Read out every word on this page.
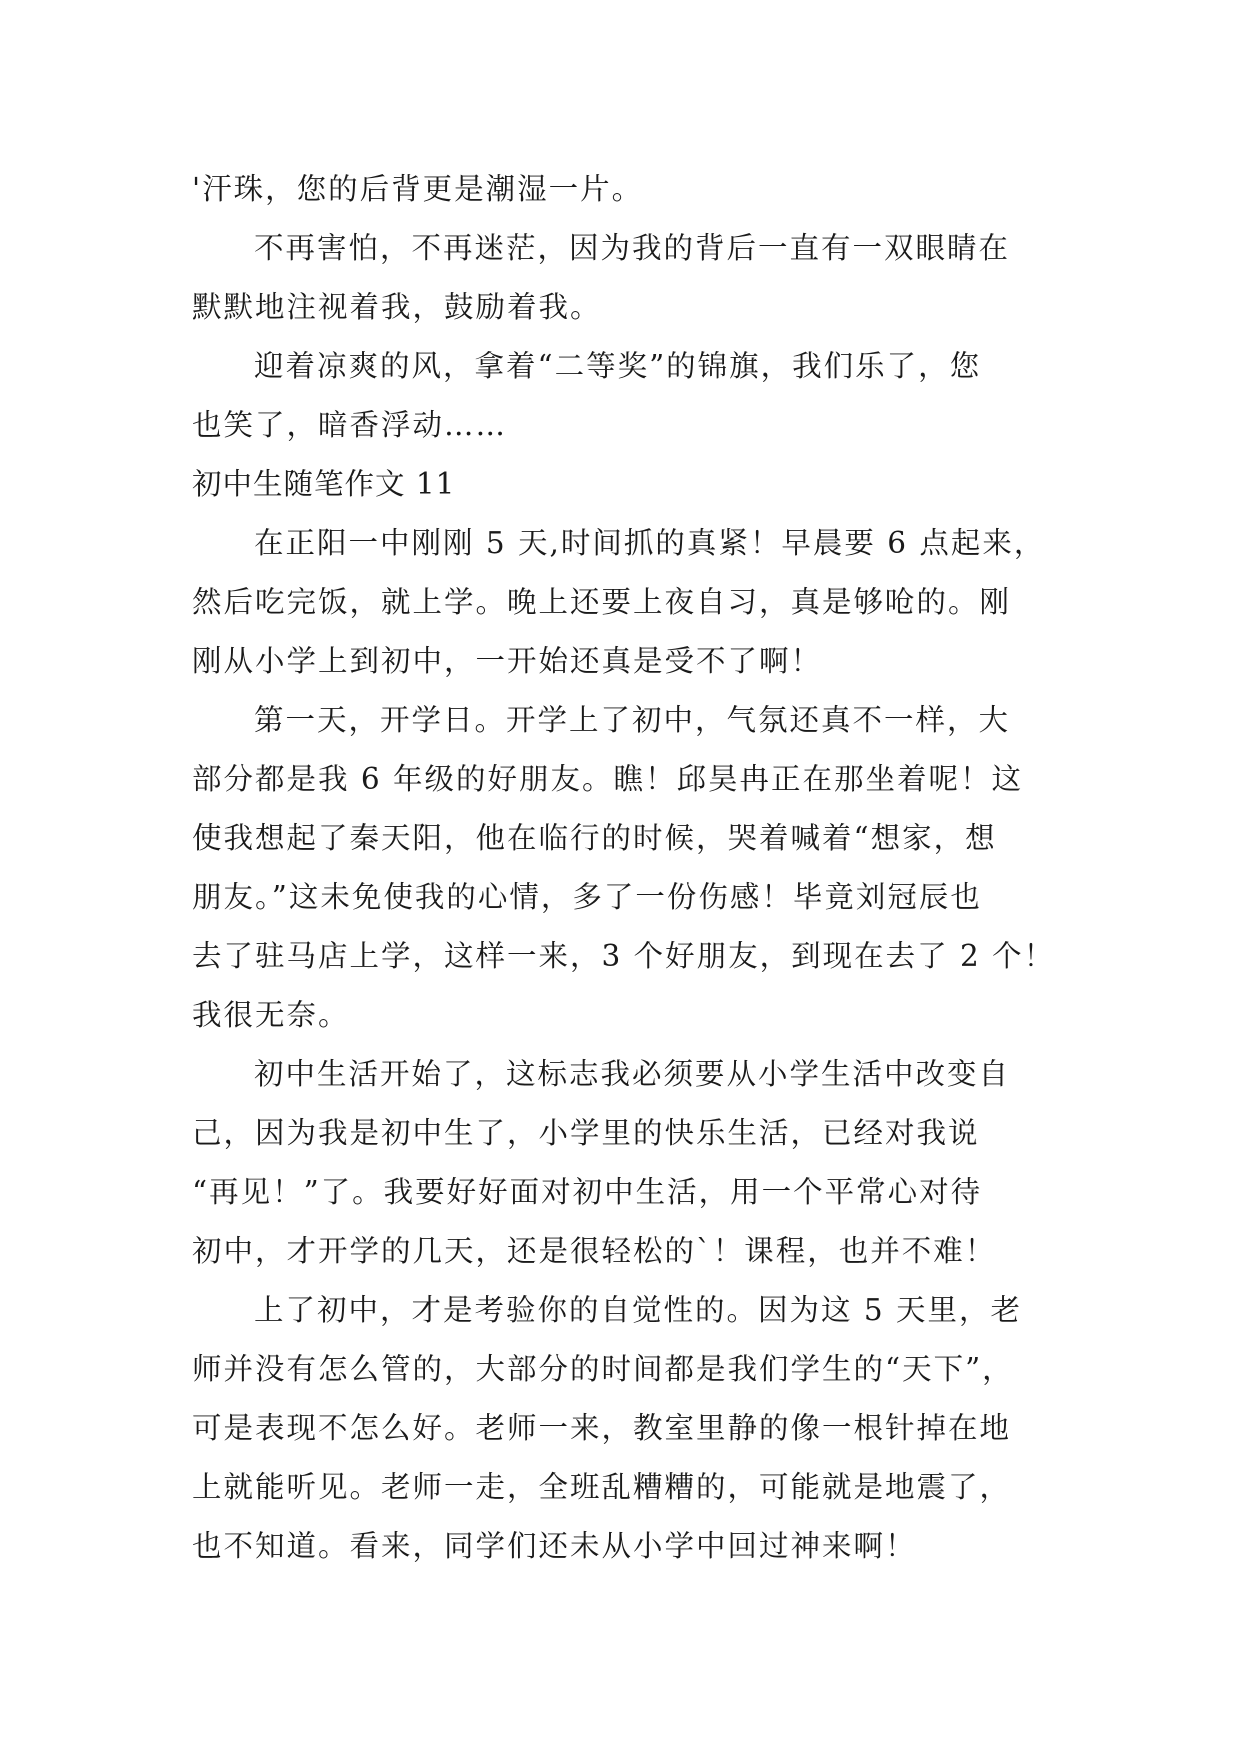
'汗珠，您的后背更是潮湿一片。
不再害怕，不再迷茫，因为我的背后一直有一双眼睛在
默默地注视着我，鼓励着我。
迎着凉爽的风，拿着“二等奖”的锦旗，我们乐了，您
也笑了，暗香浮动……
初中生随笔作文 11
在正阳一中刚刚 5 天,时间抓的真紧！早晨要 6 点起来，
然后吃完饭，就上学。晚上还要上夜自习，真是够呛的。刚
刚从小学上到初中，一开始还真是受不了啊！
第一天，开学日。开学上了初中，气氛还真不一样，大
部分都是我 6 年级的好朋友。瞧！邱昊冉正在那坐着呢！这
使我想起了秦天阳，他在临行的时候，哭着喊着“想家，想
朋友。”这未免使我的心情，多了一份伤感！毕竟刘冠辰也
去了驻马店上学，这样一来，3 个好朋友，到现在去了 2 个！
我很无奈。
初中生活开始了，这标志我必须要从小学生活中改变自
己，因为我是初中生了，小学里的快乐生活，已经对我说
“再见！”了。我要好好面对初中生活，用一个平常心对待
初中，才开学的几天，还是很轻松的`！课程，也并不难！
上了初中，才是考验你的自觉性的。因为这 5 天里，老
师并没有怎么管的，大部分的时间都是我们学生的“天下”，
可是表现不怎么好。老师一来，教室里静的像一根针掉在地
上就能听见。老师一走，全班乱糟糟的，可能就是地震了，
也不知道。看来，同学们还未从小学中回过神来啊！
